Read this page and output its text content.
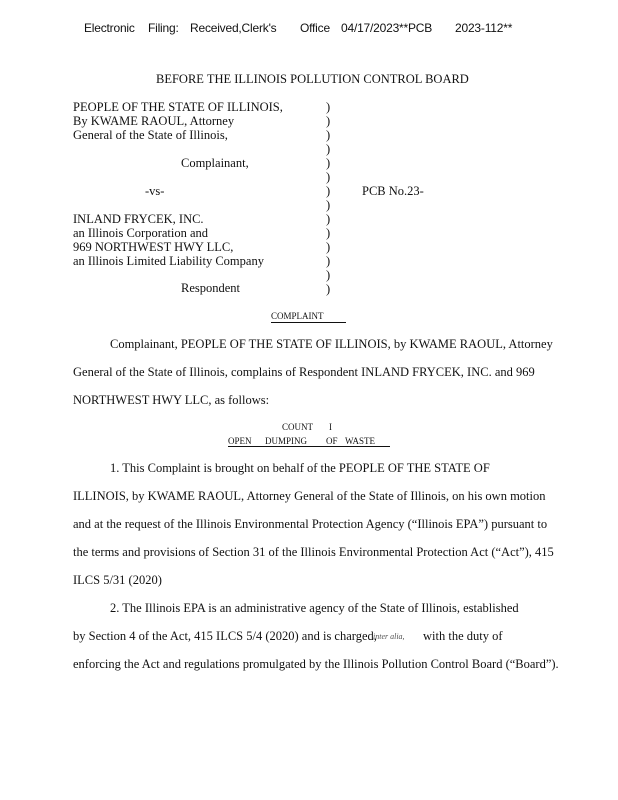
Electronic Filing: Received,Clerk's Office 04/17/2023**PCB 2023-112**
BEFORE THE ILLINOIS POLLUTION CONTROL BOARD
PEOPLE OF THE STATE OF ILLINOIS,
By KWAME RAOUL, Attorney
General of the State of Illinois,
Complainant,
-vs-
INLAND FRYCEK, INC.
an Illinois Corporation and
969 NORTHWEST HWY LLC,
an Illinois Limited Liability Company
Respondent
)
)
)
)
)
)
)
)
)
)
)
)
)
)
PCB No.23-
COMPLAINT
Complainant, PEOPLE OF THE STATE OF ILLINOIS, by KWAME RAOUL, Attorney
General of the State of Illinois, complains of Respondent INLAND FRYCEK, INC. and 969
NORTHWEST HWY LLC, as follows:
COUNT I
OPEN DUMPING OF WASTE
1. This Complaint is brought on behalf of the PEOPLE OF THE STATE OF
ILLINOIS, by KWAME RAOUL, Attorney General of the State of Illinois, on his own motion
and at the request of the Illinois Environmental Protection Agency (“Illinois EPA”) pursuant to
the terms and provisions of Section 31 of the Illinois Environmental Protection Act (“Act”), 415
ILCS 5/31 (2020)
2. The Illinois EPA is an administrative agency of the State of Illinois, established
by Section 4 of the Act, 415 ILCS 5/4 (2020) and is charged,
inter alia, with the duty of
enforcing the Act and regulations promulgated by the Illinois Pollution Control Board (“Board”).
